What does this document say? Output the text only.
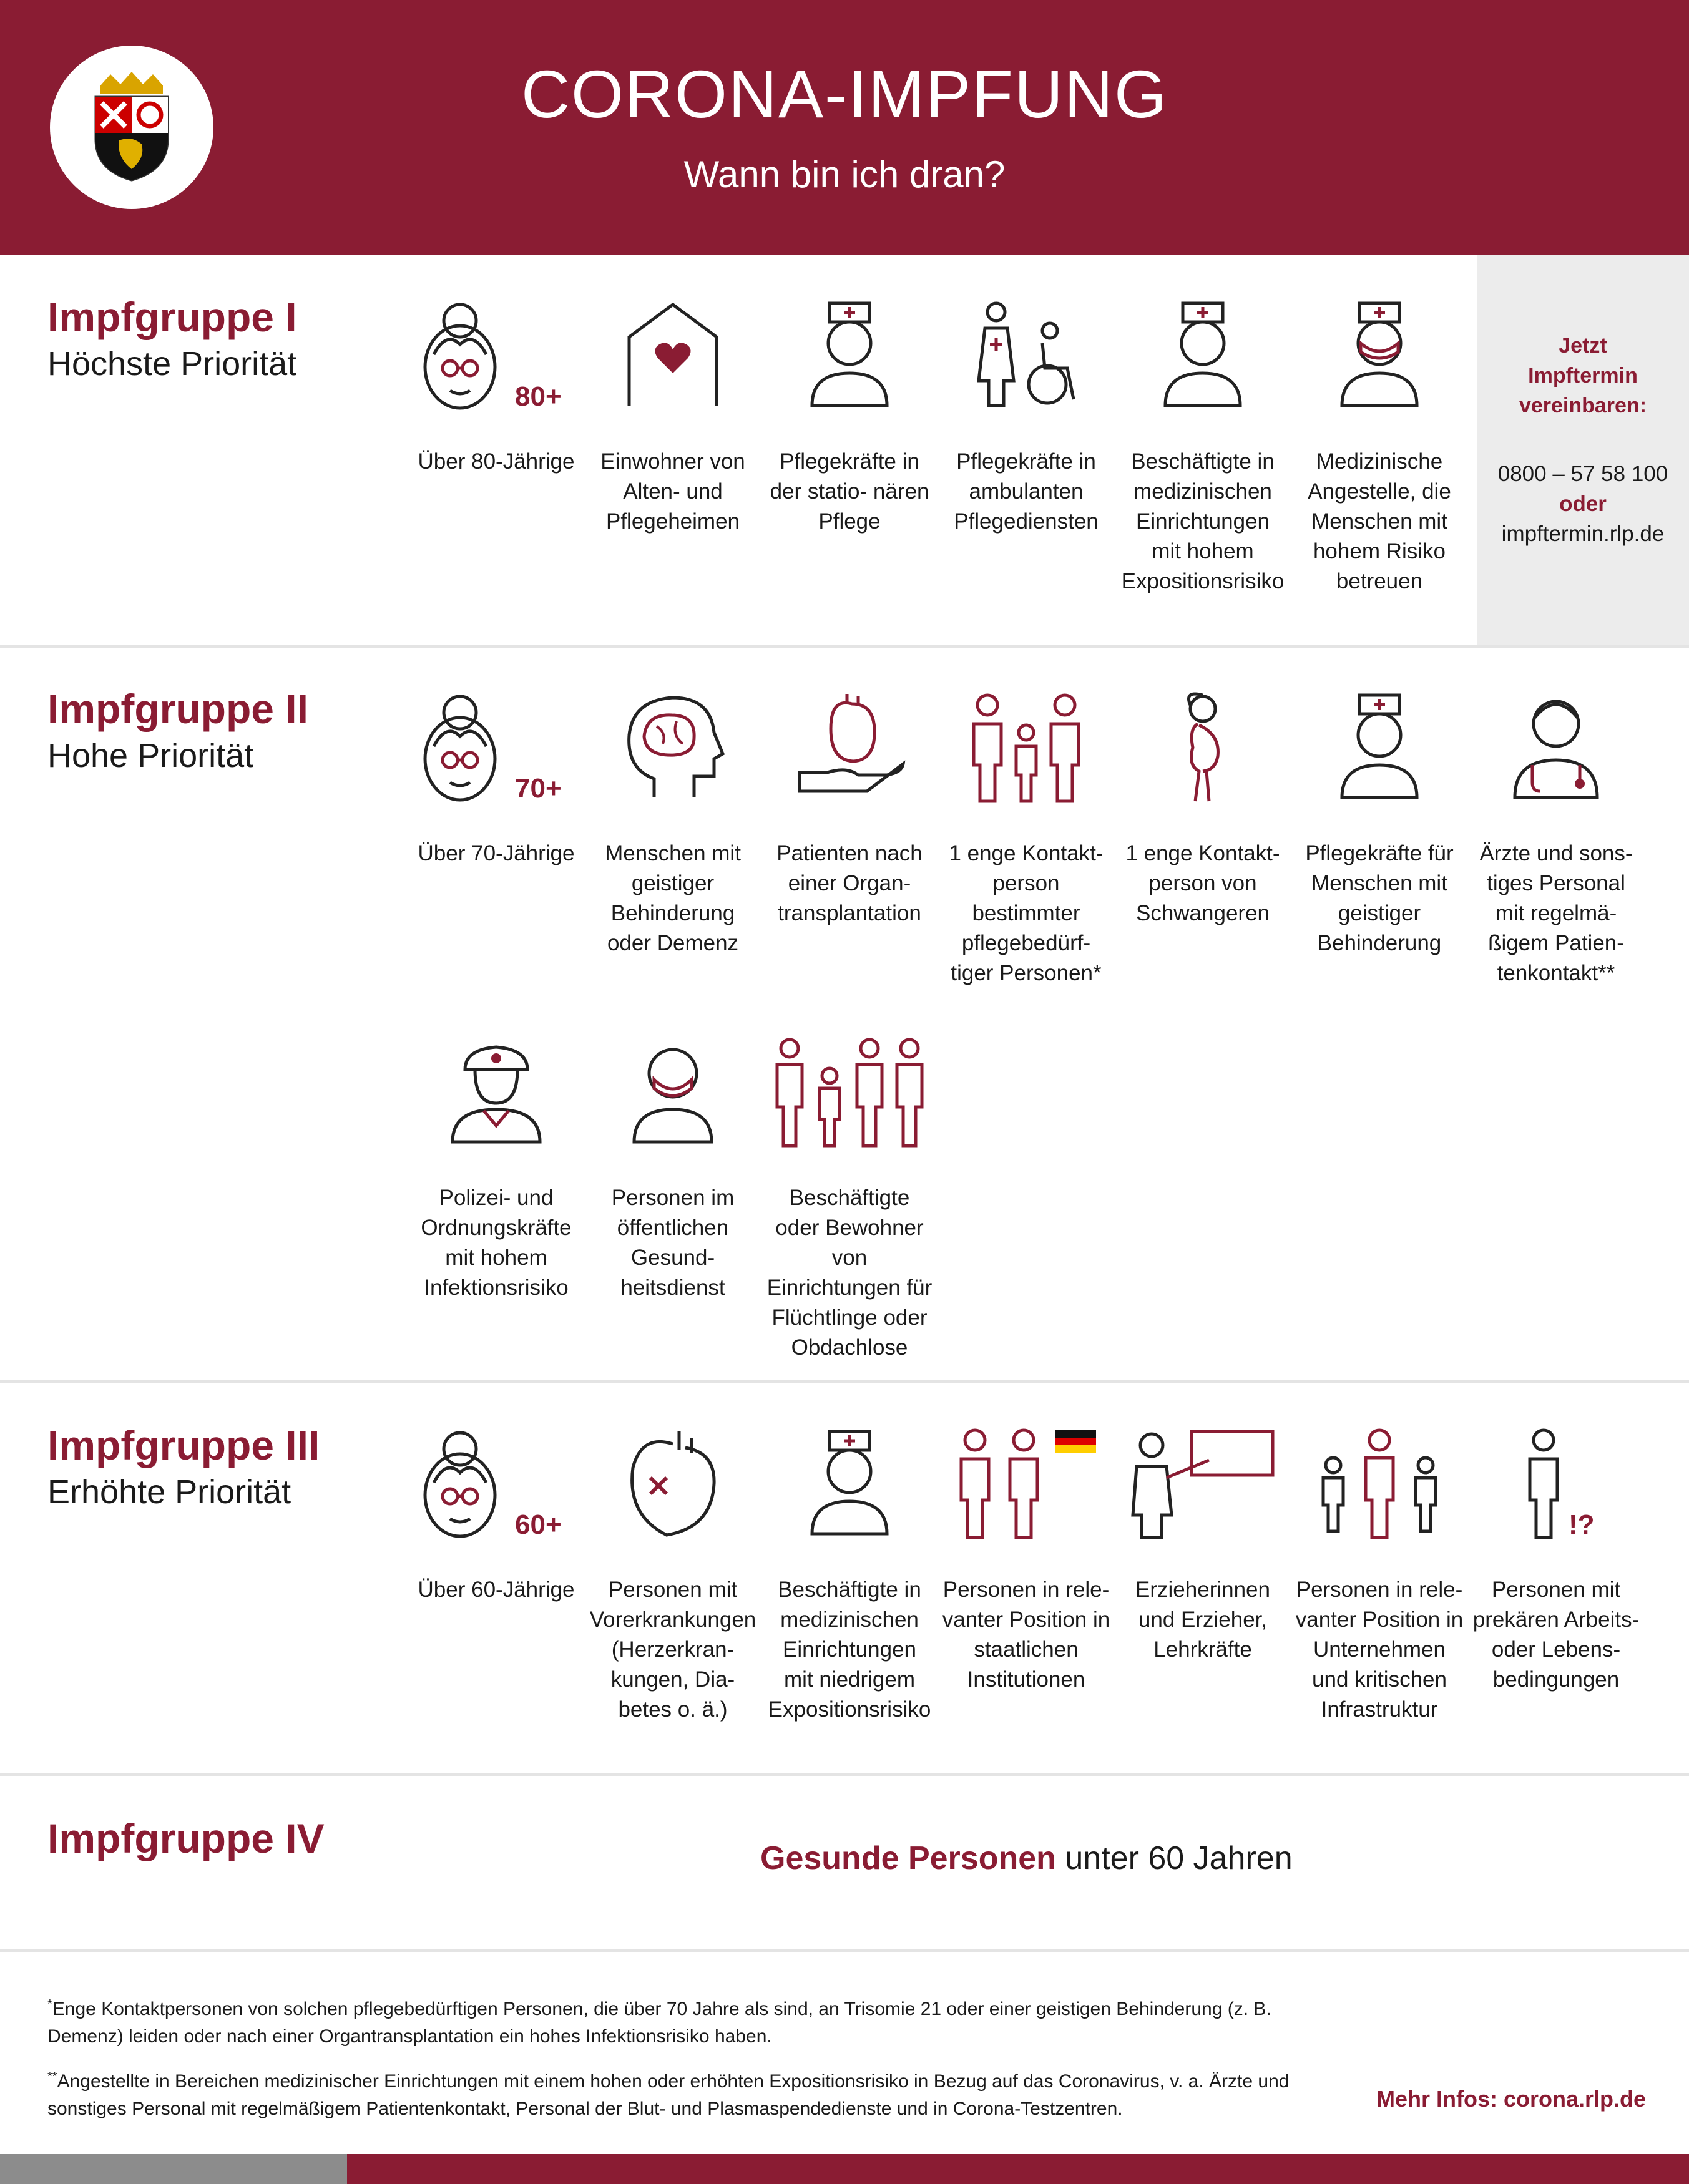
CORONA-IMPFUNG
Wann bin ich dran?
Jetzt
Impftermin
vereinbaren:
0800 – 57 58 100
oder
impftermin.rlp.de
Impfgruppe I
Höchste Priorität
80+
Über 80-Jährige	Einwohner von Alten- und Pflegeheimen
Pflegekräfte in der statio- nären Pflege
Pflegekräfte in ambulanten Pflegediensten
Beschäftigte in medizinischen Einrichtungen mit hohem Expositionsrisiko
Medizinische Angestelle, die Menschen mit hohem Risiko betreuen
Impfgruppe II
Hohe Priorität
70+
Über 70-Jährige	Menschen mit geistiger Behinderung oder Demenz
Patienten nach einer Organ- transplantation
1 enge Kontakt- person bestimmter pflegebedürf- tiger Personen*
1 enge Kontakt- person von Schwangeren
Pflegekräfte für Menschen mit geistiger Behinderung
Ärzte und sons- tiges Personal mit regelmä- ßigem Patien- tenkontakt**
Polizei- und Ordnungskräfte mit hohem Infektionsrisiko
Personen im öffentlichen Gesund- heitsdienst
Beschäftigte oder Bewohner von Einrichtungen für Flüchtlinge oder Obdachlose
Impfgruppe III
Erhöhte Priorität
60+
Über 60-Jährige	Personen mit Vorerkrankungen (Herzerkran- kungen, Dia- betes o. ä.)
Beschäftigte in medizinischen Einrichtungen mit niedrigem Expositionsrisiko
Personen in rele- vanter Position in staatlichen Institutionen
Erzieherinnen und Erzieher, Lehrkräfte
Personen in rele- vanter Position in Unternehmen und kritischen Infrastruktur
!?
Personen mit prekären Arbeits- oder Lebens- bedingungen
Impfgruppe IV	Gesunde Personen unter 60 Jahren
*Enge Kontaktpersonen von solchen pflegebedürftigen Personen, die über 70 Jahre als sind, an Trisomie 21 oder einer geistigen Behinderung (z. B. Demenz) leiden oder nach einer Organtransplantation ein hohes Infektionsrisiko haben.
**Angestellte in Bereichen medizinischer Einrichtungen mit einem hohen oder erhöhten Expositionsrisiko in Bezug auf das Coronavirus, v. a. Ärzte und sonstiges Personal mit regelmäßigem Patientenkontakt, Personal der Blut- und Plasmaspendedienste und in Corona-Testzentren.	Mehr Infos: corona.rlp.de
